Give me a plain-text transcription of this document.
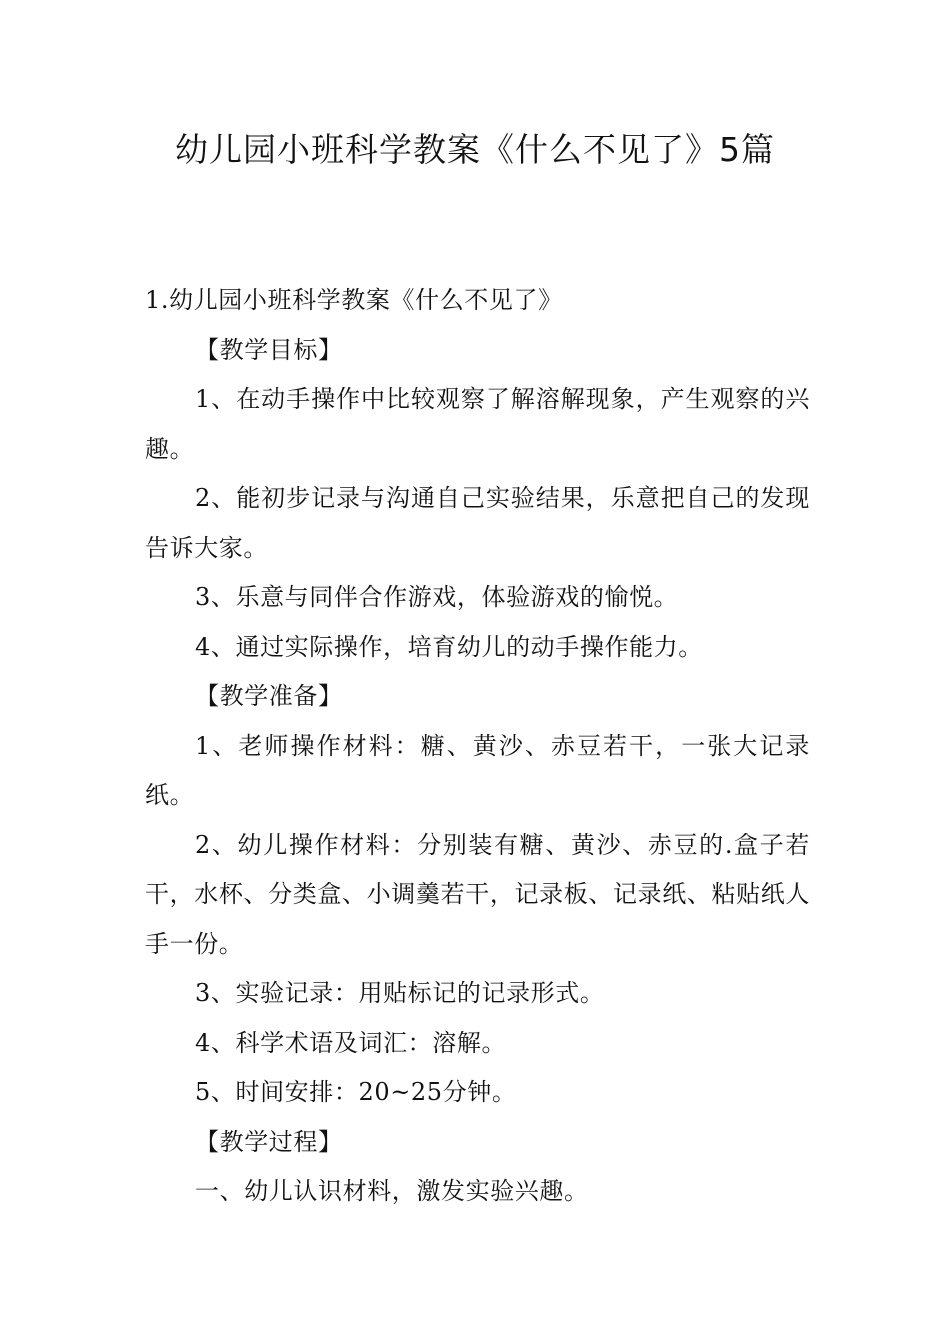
幼儿园小班科学教案《什么不见了》5篇

1.幼儿园小班科学教案《什么不见了》

【教学目标】

1、在动手操作中比较观察了解溶解现象，产生观察的兴趣。

2、能初步记录与沟通自己实验结果，乐意把自己的发现告诉大家。

3、乐意与同伴合作游戏，体验游戏的愉悦。

4、通过实际操作，培育幼儿的动手操作能力。

【教学准备】

1、老师操作材料：糖、黄沙、赤豆若干，一张大记录纸。

2、幼儿操作材料：分别装有糖、黄沙、赤豆的.盒子若干，水杯、分类盒、小调羹若干，记录板、记录纸、粘贴纸人手一份。

3、实验记录：用贴标记的记录形式。

4、科学术语及词汇：溶解。

5、时间安排：20~25分钟。

【教学过程】

一、幼儿认识材料，激发实验兴趣。
